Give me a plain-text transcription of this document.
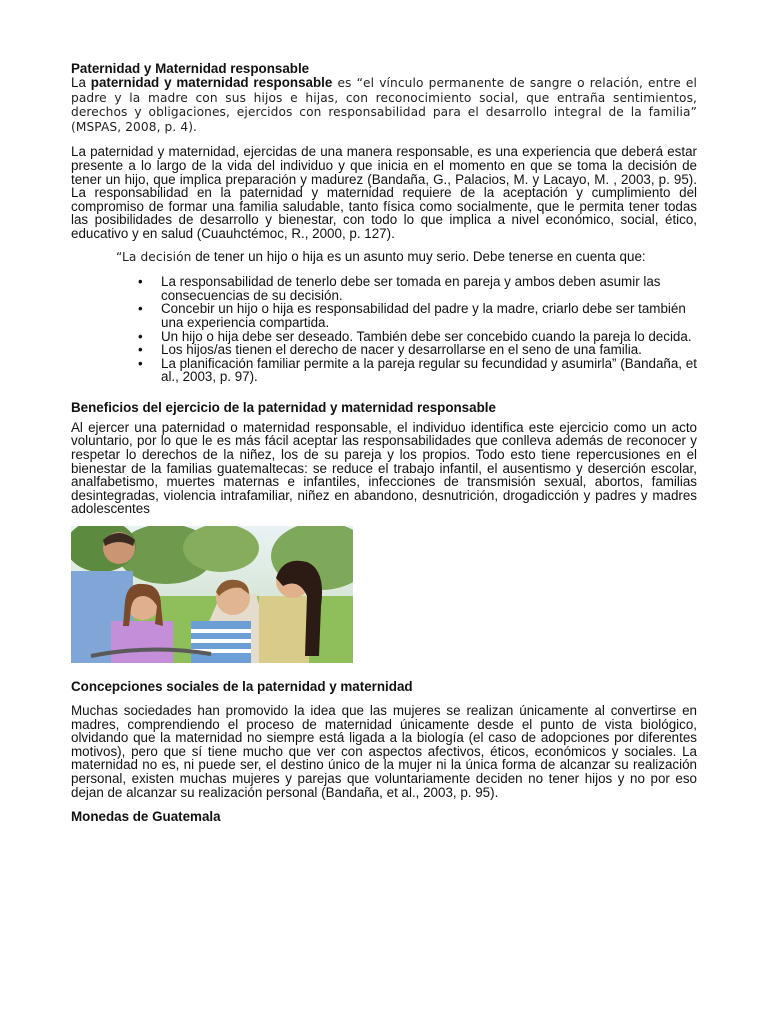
Paternidad y Maternidad responsable

La paternidad y maternidad responsable es “el vínculo permanente de sangre o relación, entre el padre y la madre con sus hijos e hijas, con reconocimiento social, que entraña sentimientos, derechos y obligaciones, ejercidos con responsabilidad para el desarrollo integral de la familia” (MSPAS, 2008, p. 4).

La paternidad y maternidad, ejercidas de una manera responsable, es una experiencia que deberá estar presente a lo largo de la vida del individuo y que inicia en el momento en que se toma la decisión de tener un hijo, que implica preparación y madurez (Bandaña, G., Palacios, M. y Lacayo, M. , 2003, p. 95). La responsabilidad en la paternidad y maternidad requiere de la aceptación y cumplimiento del compromiso de formar una familia saludable, tanto física como socialmente, que le permita tener todas las posibilidades de desarrollo y bienestar, con todo lo que implica a nivel económico, social, ético, educativo y en salud (Cuauhctémoc, R., 2000, p. 127).

“La decisión de tener un hijo o hija es un asunto muy serio. Debe tenerse en cuenta que:

• La responsabilidad de tenerlo debe ser tomada en pareja y ambos deben asumir las consecuencias de su decisión.
• Concebir un hijo o hija es responsabilidad del padre y la madre, criarlo debe ser también una experiencia compartida.
• Un hijo o hija debe ser deseado. También debe ser concebido cuando la pareja lo decida.
• Los hijos/as tienen el derecho de nacer y desarrollarse en el seno de una familia.
• La planificación familiar permite a la pareja regular su fecundidad y asumirla” (Bandaña, et al., 2003, p. 97).
Beneficios del ejercicio de la paternidad y maternidad responsable

Al ejercer una paternidad o maternidad responsable, el individuo identifica este ejercicio como un acto voluntario, por lo que le es más fácil aceptar las responsabilidades que conlleva además de reconocer y respetar lo derechos de la niñez, los de su pareja y los propios. Todo esto tiene repercusiones en el bienestar de la familias guatemaltecas: se reduce el trabajo infantil, el ausentismo y deserción escolar, analfabetismo, muertes maternas e infantiles, infecciones de transmisión sexual, abortos, familias desintegradas, violencia intrafamiliar, niñez en abandono, desnutrición, drogadicción y padres y madres adolescentes

Concepciones sociales de la paternidad y maternidad

Muchas sociedades han promovido la idea que las mujeres se realizan únicamente al convertirse en madres, comprendiendo el proceso de maternidad únicamente desde el punto de vista biológico, olvidando que la maternidad no siempre está ligada a la biología (el caso de adopciones por diferentes motivos), pero que sí tiene mucho que ver con aspectos afectivos, éticos, económicos y sociales. La maternidad no es, ni puede ser, el destino único de la mujer ni la única forma de alcanzar su realización personal, existen muchas mujeres y parejas que voluntariamente deciden no tener hijos y no por eso dejan de alcanzar su realización personal (Bandaña, et al., 2003, p. 95).

Monedas de Guatemala
